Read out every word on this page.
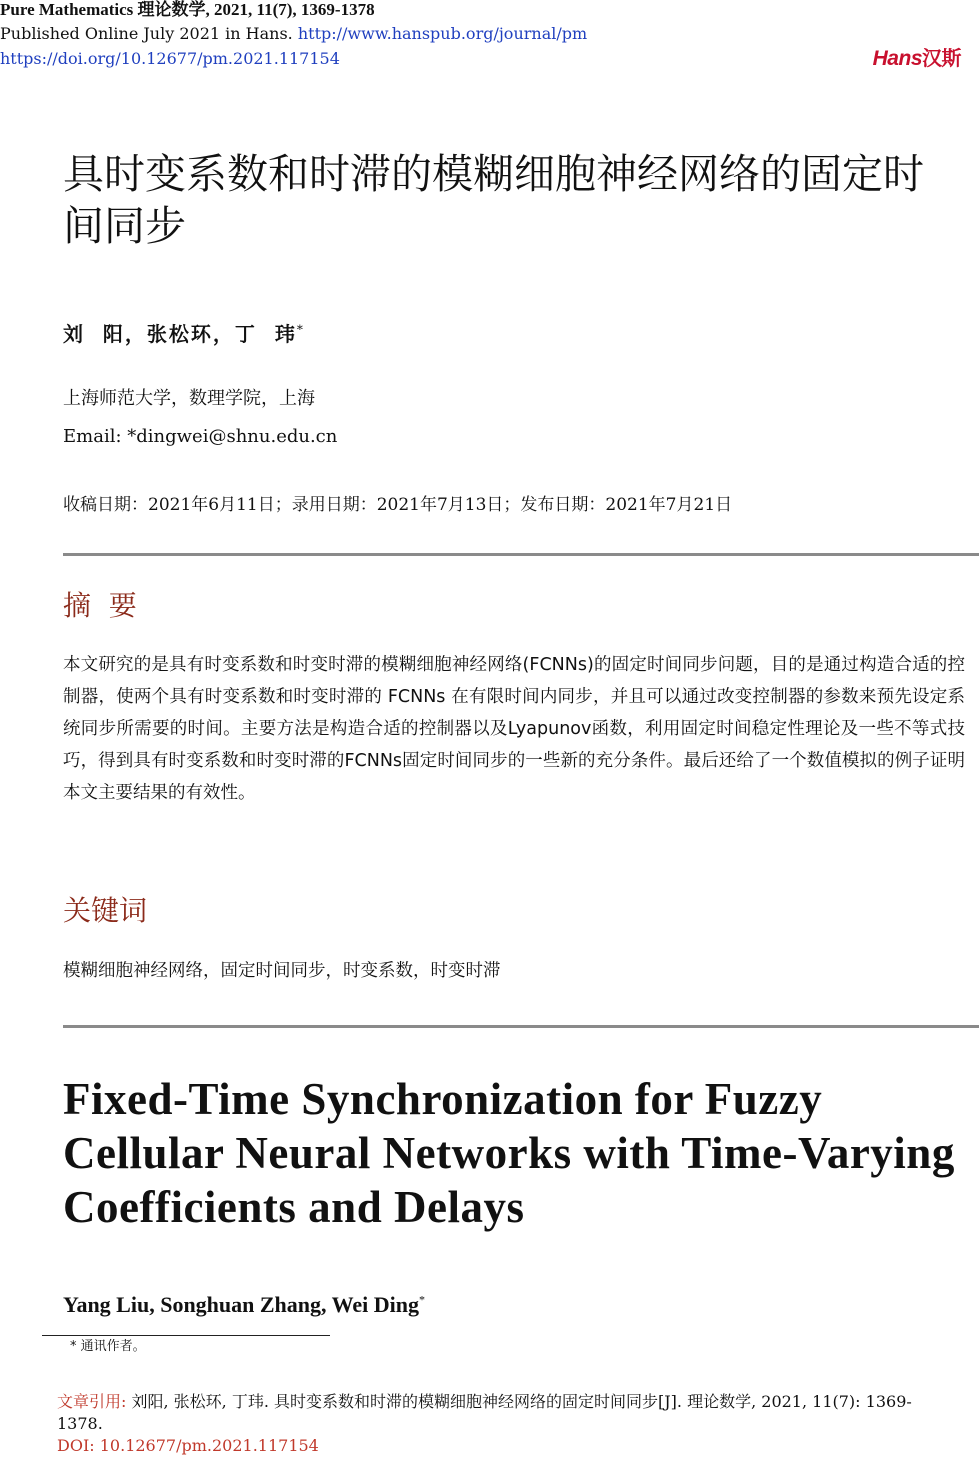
Pure Mathematics 理论数学, 2021, 11(7), 1369-1378
Published Online July 2021 in Hans. http://www.hanspub.org/journal/pm
https://doi.org/10.12677/pm.2021.117154	Hans汉斯
具时变系数和时滞的模糊细胞神经网络的固定时间同步
刘  阳，张松环，丁  玮*
上海师范大学，数理学院，上海
Email: *dingwei@shnu.edu.cn
收稿日期：2021年6月11日；录用日期：2021年7月13日；发布日期：2021年7月21日
摘  要
本文研究的是具有时变系数和时变时滞的模糊细胞神经网络(FCNNs)的固定时间同步问题，目的是通过构造合适的控制器，使两个具有时变系数和时变时滞的 FCNNs 在有限时间内同步，并且可以通过改变控制器的参数来预先设定系统同步所需要的时间。主要方法是构造合适的控制器以及Lyapunov函数，利用固定时间稳定性理论及一些不等式技巧，得到具有时变系数和时变时滞的FCNNs固定时间同步的一些新的充分条件。最后还给了一个数值模拟的例子证明本文主要结果的有效性。
关键词
模糊细胞神经网络，固定时间同步，时变系数，时变时滞
Fixed-Time Synchronization for Fuzzy Cellular Neural Networks with Time-Varying Coefficients and Delays
Yang Liu, Songhuan Zhang, Wei Ding*
* 通讯作者。
文章引用: 刘阳, 张松环, 丁玮. 具时变系数和时滞的模糊细胞神经网络的固定时间同步[J]. 理论数学, 2021, 11(7): 1369-1378.
DOI: 10.12677/pm.2021.117154
